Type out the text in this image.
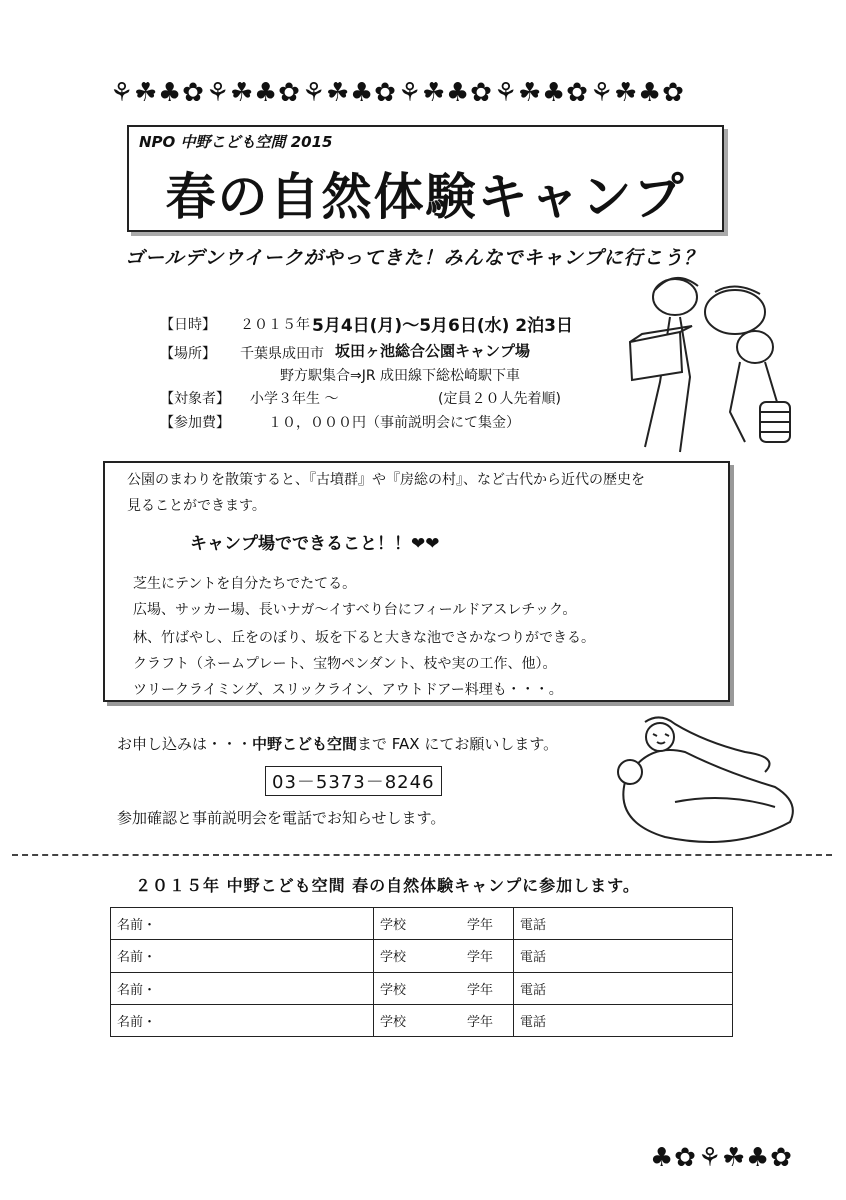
⚘ ☘ ♣ ✿ ⚘ ☘ ♣ ✿ ⚘ ☘ ♣ ✿ ⚘ ☘ ♣ ✿ ⚘ ☘ ♣ ✿ ⚘ ☘ ♣ ✿
NPO 中野こども空間 2015
春の自然体験キャンプ
ゴールデンウイークがやってきた！みんなでキャンプに行こう？
【日時】 ２０１５年 5月4日(月)～5月6日(水) 2泊3日
【場所】 千葉県成田市 坂田ヶ池総合公園キャンプ場
野方駅集合⇒JR 成田線下総松崎駅下車
【対象者】 小学３年生 ～	(定員２０人先着順)
【参加費】	１０，０００円（事前説明会にて集金）

公園のまわりを散策すると、『古墳群』や『房総の村』、など古代から近代の歴史を

見ることができます。

キャンプ場でできること！！❤❤

芝生にテントを自分たちでたてる。

広場、サッカー場、長いナガ～イすべり台にフィールドアスレチック。

林、竹ばやし、丘をのぼり、坂を下ると大きな池でさかなつりができる。

クラフト（ネームプレート、宝物ペンダント、枝や実の工作、他）。

ツリークライミング、スリックライン、アウトドアー料理も・・・。

お申し込みは・・・中野こども空間まで FAX にてお願いします。
03－5373－8246
参加確認と事前説明会を電話でお知らせします。
２０１５年 中野こども空間 春の自然体験キャンプに参加します。
名前・	学校	学年	電話
名前・	学校	学年	電話
名前・	学校	学年	電話
名前・	学校	学年	電話
♣ ✿ ⚘ ☘ ♣ ✿
